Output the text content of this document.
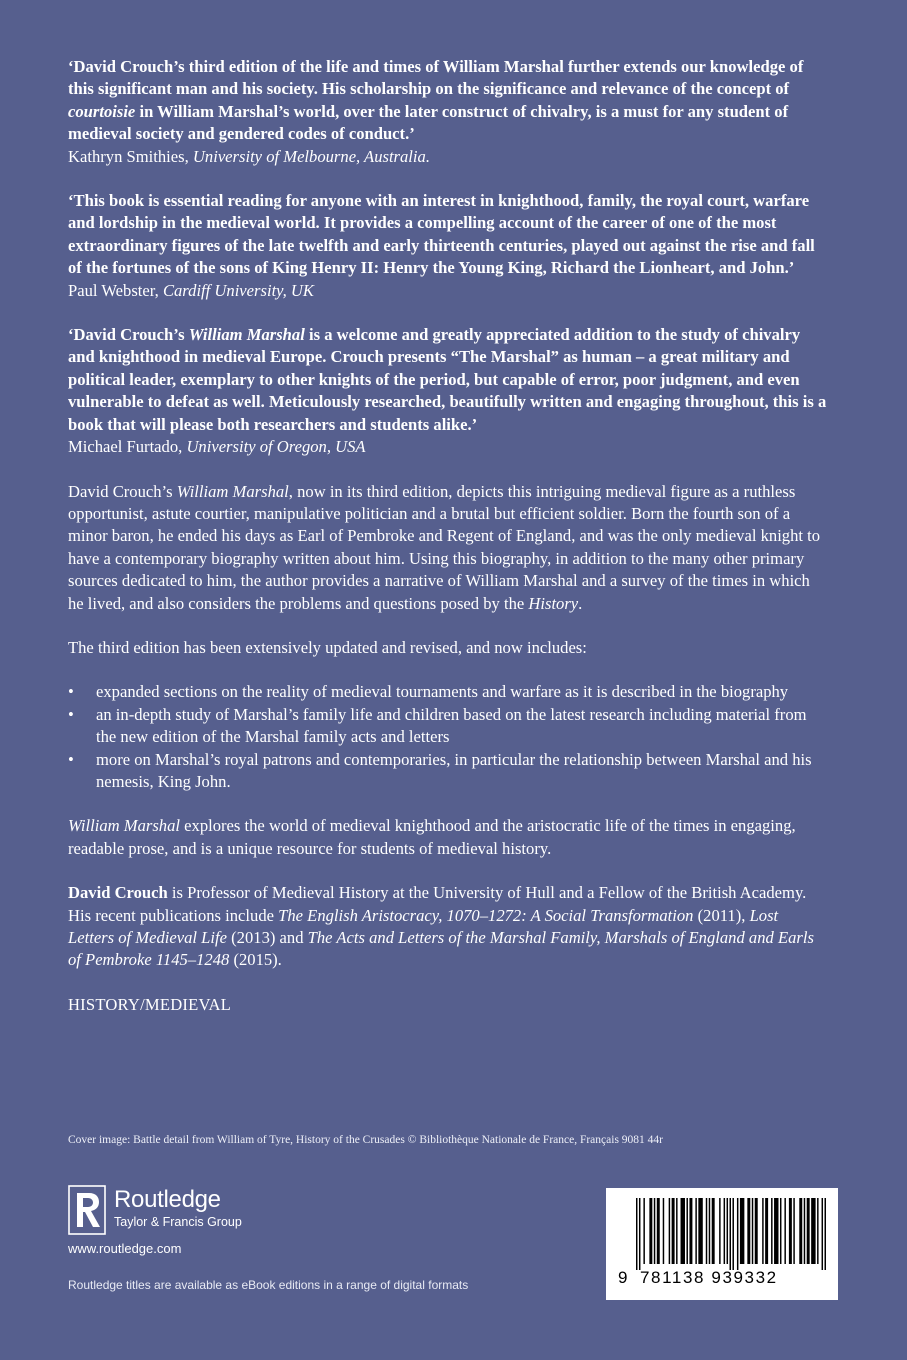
‘David Crouch’s third edition of the life and times of William Marshal further extends our knowledge of this significant man and his society. His scholarship on the significance and relevance of the concept of courtoisie in William Marshal’s world, over the later construct of chivalry, is a must for any student of medieval society and gendered codes of conduct.’

Kathryn Smithies, University of Melbourne, Australia.

‘This book is essential reading for anyone with an interest in knighthood, family, the royal court, warfare and lordship in the medieval world. It provides a compelling account of the career of one of the most extraordinary figures of the late twelfth and early thirteenth centuries, played out against the rise and fall of the fortunes of the sons of King Henry II: Henry the Young King, Richard the Lionheart, and John.’

Paul Webster, Cardiff University, UK

‘David Crouch’s William Marshal is a welcome and greatly appreciated addition to the study of chivalry and knighthood in medieval Europe. Crouch presents “The Marshal” as human – a great military and political leader, exemplary to other knights of the period, but capable of error, poor judgment, and even vulnerable to defeat as well. Meticulously researched, beautifully written and engaging throughout, this is a book that will please both researchers and students alike.’

Michael Furtado, University of Oregon, USA

David Crouch’s William Marshal, now in its third edition, depicts this intriguing medieval figure as a ruthless opportunist, astute courtier, manipulative politician and a brutal but efficient soldier. Born the fourth son of a minor baron, he ended his days as Earl of Pembroke and Regent of England, and was the only medieval knight to have a contemporary biography written about him. Using this biography, in addition to the many other primary sources dedicated to him, the author provides a narrative of William Marshal and a survey of the times in which he lived, and also considers the problems and questions posed by the History.

The third edition has been extensively updated and revised, and now includes:

• expanded sections on the reality of medieval tournaments and warfare as it is described in the biography
• an in-depth study of Marshal’s family life and children based on the latest research including material from the new edition of the Marshal family acts and letters
• more on Marshal’s royal patrons and contemporaries, in particular the relationship between Marshal and his nemesis, King John.

William Marshal explores the world of medieval knighthood and the aristocratic life of the times in engaging, readable prose, and is a unique resource for students of medieval history.

David Crouch is Professor of Medieval History at the University of Hull and a Fellow of the British Academy. His recent publications include The English Aristocracy, 1070–1272: A Social Transformation (2011), Lost Letters of Medieval Life (2013) and The Acts and Letters of the Marshal Family, Marshals of England and Earls of Pembroke 1145–1248 (2015).

HISTORY/MEDIEVAL

Cover image: Battle detail from William of Tyre, History of the Crusades © Bibliothèque Nationale de France, Français 9081 44r
Routledge
Taylor & Francis Group
www.routledge.com
Routledge titles are available as eBook editions in a range of digital formats	9 781138 939332
